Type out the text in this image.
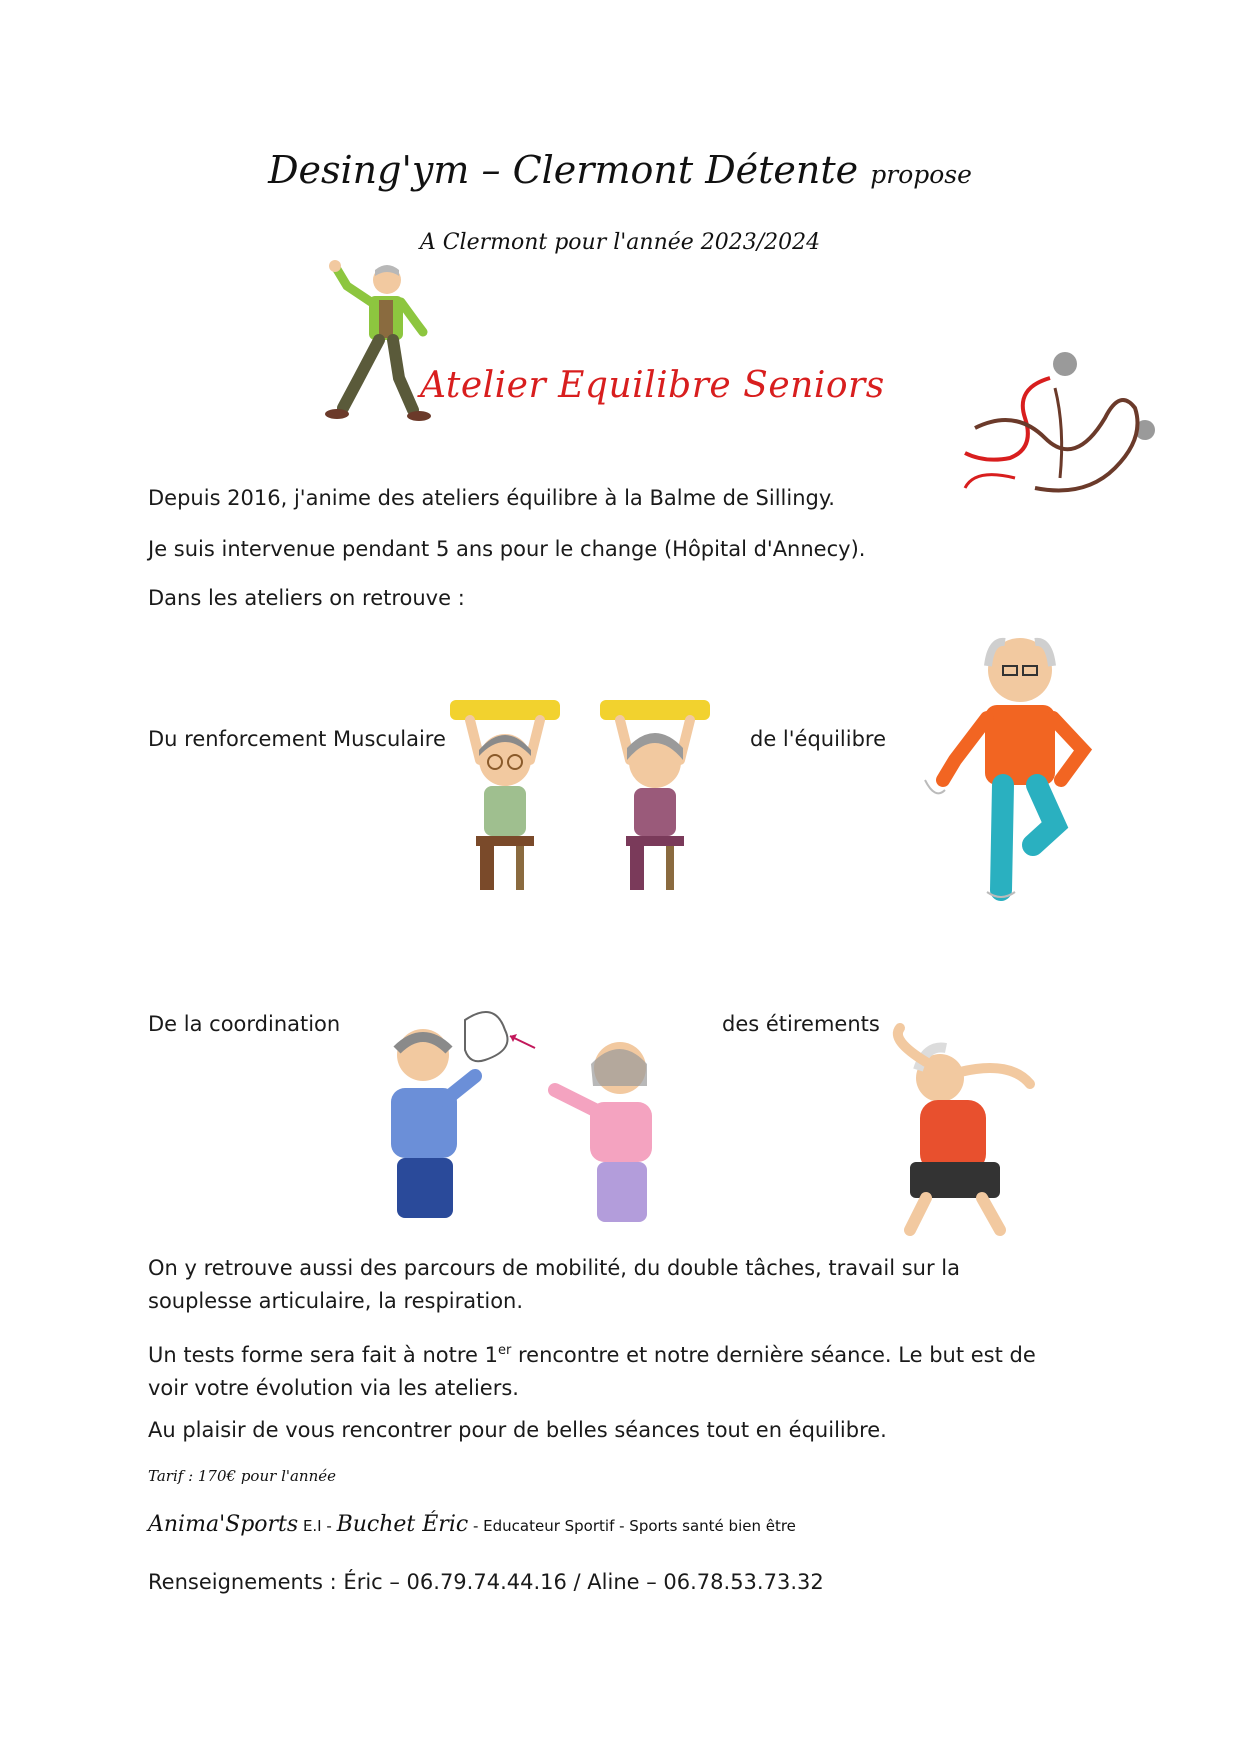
Desing'ym – Clermont Détente propose
A Clermont pour l'année 2023/2024
Atelier Equilibre Seniors
Depuis 2016, j'anime des ateliers équilibre à la Balme de Sillingy.
Je suis intervenue pendant 5 ans pour le change (Hôpital d'Annecy).
Dans les ateliers on retrouve :
Du renforcement Musculaire	de l'équilibre
De la coordination	des étirements
On y retrouve aussi des parcours de mobilité, du double tâches, travail sur la souplesse articulaire, la respiration.
Un tests forme sera fait à notre 1er rencontre et notre dernière séance. Le but est de voir votre évolution via les ateliers.
Au plaisir de vous rencontrer pour de belles séances tout en équilibre.
Tarif : 170€ pour l'année
Anima'Sports E.I - Buchet Éric - Educateur Sportif - Sports santé bien être
Renseignements : Éric – 06.79.74.44.16 / Aline – 06.78.53.73.32
